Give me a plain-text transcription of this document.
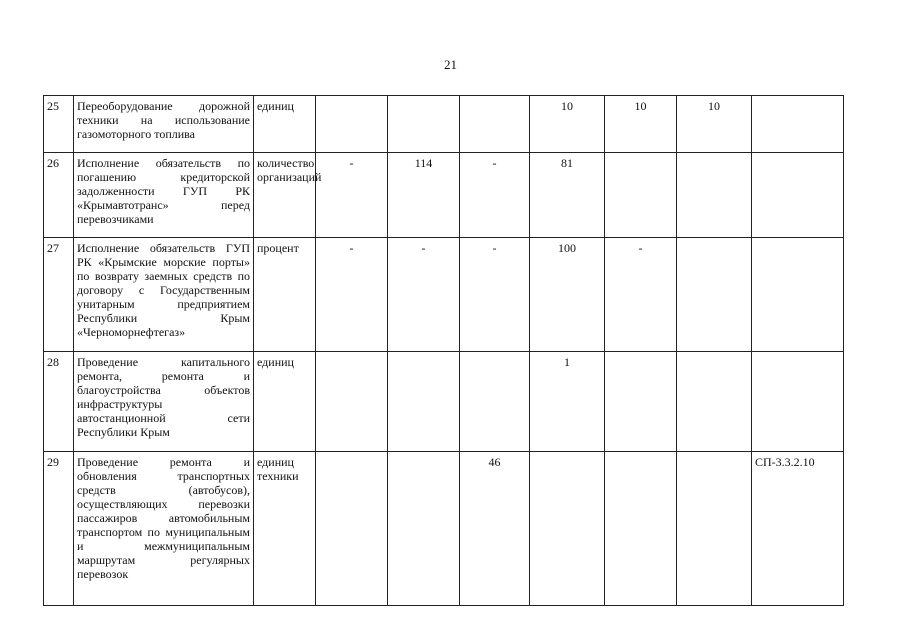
21
25	Переоборудование дорожной техники на использование газомоторного топлива	единиц				10	10	10	
26	Исполнение обязательств по погашению кредиторской задолженности ГУП РК «Крымавтотранс» перед перевозчиками	количество организаций	-	114	-	81			
27	Исполнение обязательств ГУП РК «Крымские морские порты» по возврату заемных средств по договору с Государственным унитарным предприятием Республики Крым «Черноморнефтегаз»	процент	-	-	-	100	-		
28	Проведение капитального ремонта, ремонта и благоустройства объектов инфраструктуры автостанционной сети Республики Крым	единиц				1			
29	Проведение ремонта и обновления транспортных средств (автобусов), осуществляющих перевозки пассажиров автомобильным транспортом по муниципальным и межмуниципальным маршрутам регулярных перевозок	единиц техники			46				СП-3.3.2.10
